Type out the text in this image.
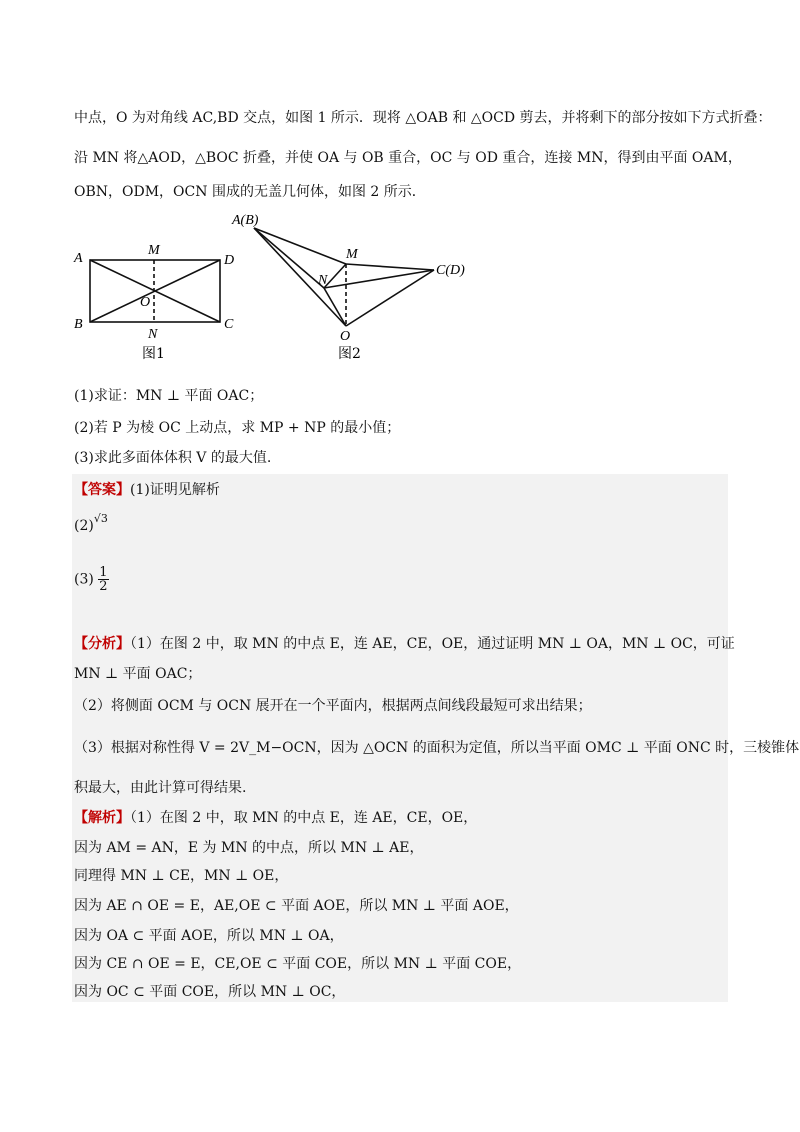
中点，O 为对角线 AC,BD 交点，如图 1 所示．现将 △OAB 和 △OCD 剪去，并将剩下的部分按如下方式折叠：
沿 MN 将△AOD，△BOC 折叠，并使 OA 与 OB 重合，OC 与 OD 重合，连接 MN，得到由平面 OAM，
OBN，ODM，OCN 围成的无盖几何体，如图 2 所示．
A	D
B	C
M
O
N
图1
A(B)
M
N
C(D)
O
图2
(1)求证：MN ⊥ 平面 OAC；
(2)若 P 为棱 OC 上动点，求 MP + NP 的最小值；
(3)求此多面体体积 V 的最大值.
【答案】(1)证明见解析
$(2)^{√3}$
$(3) \frac{1}{2}$
【分析】（1）在图 2 中，取 MN 的中点 E，连 AE，CE，OE，通过证明 MN ⊥ OA，MN ⊥ OC，可证
MN ⊥ 平面 OAC；
（2）将侧面 OCM 与 OCN 展开在一个平面内，根据两点间线段最短可求出结果；
（3）根据对称性得 V = 2V_M−OCN，因为 △OCN 的面积为定值，所以当平面 OMC ⊥ 平面 ONC 时，三棱锥体
积最大，由此计算可得结果.
【解析】（1）在图 2 中，取 MN 的中点 E，连 AE，CE，OE，
因为 AM = AN，E 为 MN 的中点，所以 MN ⊥ AE，
同理得 MN ⊥ CE，MN ⊥ OE，
因为 AE ∩ OE = E，AE,OE ⊂ 平面 AOE，所以 MN ⊥ 平面 AOE，
因为 OA ⊂ 平面 AOE，所以 MN ⊥ OA，
因为 CE ∩ OE = E，CE,OE ⊂ 平面 COE，所以 MN ⊥ 平面 COE，
因为 OC ⊂ 平面 COE，所以 MN ⊥ OC，
